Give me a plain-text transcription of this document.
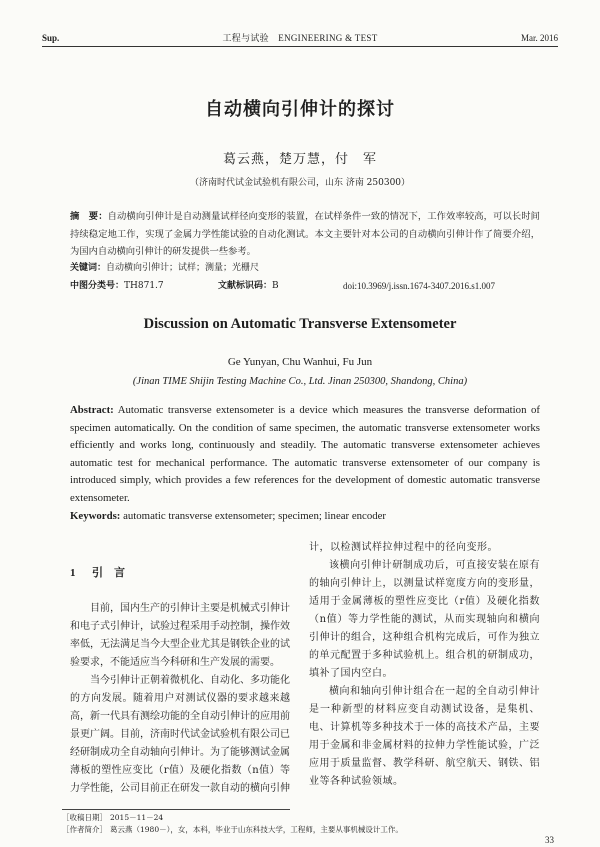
Sup.	工程与试验　ENGINEERING & TEST	Mar. 2016
自动横向引伸计的探讨
葛云燕，楚万慧，付　军
（济南时代试金试验机有限公司，山东 济南 250300）
摘　要：自动横向引伸计是自动测量试样径向变形的装置，在试样条件一致的情况下，工作效率较高，可以长时间持续稳定地工作，实现了金属力学性能试验的自动化测试。本文主要针对本公司的自动横向引伸计作了简要介绍，为国内自动横向引伸计的研发提供一些参考。
关键词：自动横向引伸计；试样；测量；光栅尺
中图分类号：TH871.7	文献标识码：B	doi:10.3969/j.issn.1674-3407.2016.s1.007
Discussion on Automatic Transverse Extensometer
Ge Yunyan, Chu Wanhui, Fu Jun
(Jinan TIME Shijin Testing Machine Co., Ltd. Jinan 250300, Shandong, China)
Abstract: Automatic transverse extensometer is a device which measures the transverse deformation of specimen automatically. On the condition of same specimen, the automatic transverse extensometer works efficiently and works long, continuously and steadily. The automatic transverse extensometer achieves automatic test for mechanical performance. The automatic transverse extensometer of our company is introduced simply, which provides a few references for the development of domestic automatic transverse extensometer.
Keywords: automatic transverse extensometer; specimen; linear encoder
1 引　言

目前，国内生产的引伸计主要是机械式引伸计和电子式引伸计，试验过程采用手动控制，操作效率低，无法满足当今大型企业尤其是钢铁企业的试验要求，不能适应当今科研和生产发展的需要。

当今引伸计正朝着微机化、自动化、多功能化的方向发展。随着用户对测试仪器的要求越来越高，新一代具有测绘功能的全自动引伸计的应用前景更广阔。目前，济南时代试金试验机有限公司已经研制成功全自动轴向引伸计。为了能够测试金属薄板的塑性应变比（r值）及硬化指数（n值）等力学性能，公司目前正在研发一款自动的横向引伸

计，以检测试样拉伸过程中的径向变形。

该横向引伸计研制成功后，可直接安装在原有的轴向引伸计上，以测量试样宽度方向的变形量，适用于金属薄板的塑性应变比（r值）及硬化指数（n值）等力学性能的测试，从而实现轴向和横向引伸计的组合，这种组合机构完成后，可作为独立的单元配置于多种试验机上。组合机的研制成功，填补了国内空白。

横向和轴向引伸计组合在一起的全自动引伸计是一种新型的材料应变自动测试设备，是集机、电、计算机等多种技术于一体的高技术产品，主要用于金属和非金属材料的拉伸力学性能试验，广泛应用于质量监督、教学科研、航空航天、钢铁、铝业等各种试验领域。

［收稿日期］ 2015－11－24
［作者简介］ 葛云燕（1980－），女，本科，毕业于山东科技大学，工程师，主要从事机械设计工作。
33
